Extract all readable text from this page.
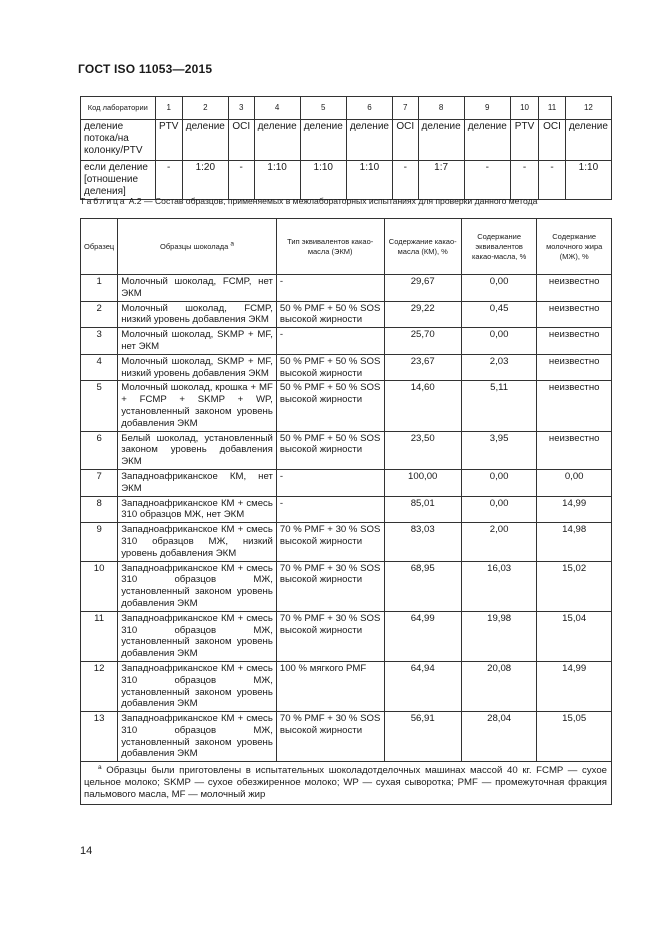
ГОСТ ISO 11053—2015
Код лаборатории	1	2	3	4	5	6	7	8	9	10	11	12
деление потока/на колонку/PTV	PTV	деление	OCI	деление	деление	деление	OCI	деление	деление	PTV	OCI	деление
если деление [отношение деления]	-	1:20	-	1:10	1:10	1:10	-	1:7	-	-	-	1:10
Таблица А.2 — Состав образцов, применяемых в межлабораторных испытаниях для проверки данного метода
Образец	Образцы шоколада $^a$	Тип эквивалентов какао-масла (ЭКМ)	Содержание какао-масла (КМ), %	Содержание эквивалентов какао-масла, %	Содержание молочного жира (МЖ), %
1	Молочный шоколад, FCMP, нет ЭКМ	-	29,67	0,00	неизвестно
2	Молочный шоколад, FCMP, низкий уровень добавления ЭКМ	50 % PMF + 50 % SOS высокой жирности	29,22	0,45	неизвестно
3	Молочный шоколад, SKMP + MF, нет ЭКМ	-	25,70	0,00	неизвестно
4	Молочный шоколад, SKMP + MF, низкий уровень добавления ЭКМ	50 % PMF + 50 % SOS высокой жирности	23,67	2,03	неизвестно
5	Молочный шоколад, крошка + MF + FCMP + SKMP + WP, установленный законом уровень добавления ЭКМ	50 % PMF + 50 % SOS высокой жирности	14,60	5,11	неизвестно
6	Белый шоколад, установленный законом уровень добавления ЭКМ	50 % PMF + 50 % SOS высокой жирности	23,50	3,95	неизвестно
7	Западноафриканское КМ, нет ЭКМ	-	100,00	0,00	0,00
8	Западноафриканское КМ + смесь 310 образцов МЖ, нет ЭКМ	-	85,01	0,00	14,99
9	Западноафриканское КМ + смесь 310 образцов МЖ, низкий уровень добавления ЭКМ	70 % PMF + 30 % SOS высокой жирности	83,03	2,00	14,98
10	Западноафриканское КМ + смесь 310 образцов МЖ, установленный законом уровень добавления ЭКМ	70 % PMF + 30 % SOS высокой жирности	68,95	16,03	15,02
11	Западноафриканское КМ + смесь 310 образцов МЖ, установленный законом уровень добавления ЭКМ	70 % PMF + 30 % SOS высокой жирности	64,99	19,98	15,04
12	Западноафриканское КМ + смесь 310 образцов МЖ, установленный законом уровень добавления ЭКМ	100 % мягкого PMF	64,94	20,08	14,99
13	Западноафриканское КМ + смесь 310 образцов МЖ, установленный законом уровень добавления ЭКМ	70 % PMF + 30 % SOS высокой жирности	56,91	28,04	15,05
$^a$ Образцы были приготовлены в испытательных шоколадотделочных машинах массой 40 кг. FCMP — сухое цельное молоко; SKMP — сухое обезжиренное молоко; WP — сухая сыворотка; PMF — промежуточная фракция пальмового масла, MF — молочный жир					
14
